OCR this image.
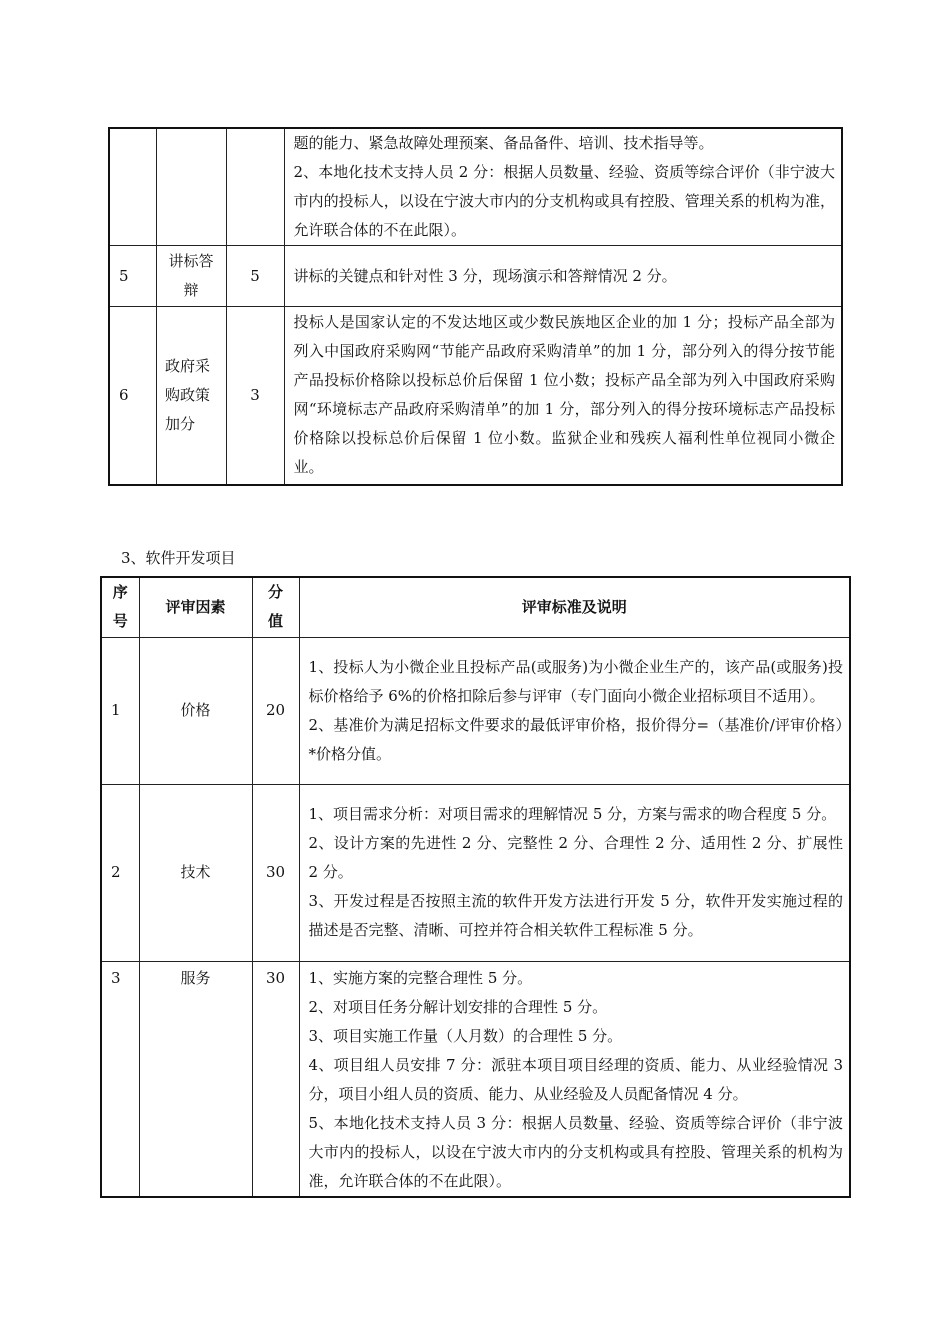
			题的能力、紧急故障处理预案、备品备件、培训、技术指导等。

2、本地化技术支持人员 2 分：根据人员数量、经验、资质等综合评价（非宁波大市内的投标人，以设在宁波大市内的分支机构或具有控股、管理关系的机构为准，允许联合体的不在此限）。

5	讲标答辩	5	讲标的关键点和针对性 3 分，现场演示和答辩情况 2 分。

6	政府采购政策加分	3	投标人是国家认定的不发达地区或少数民族地区企业的加 1 分；投标产品全部为列入中国政府采购网“节能产品政府采购清单”的加 1 分，部分列入的得分按节能产品投标价格除以投标总价后保留 1 位小数；投标产品全部为列入中国政府采购网“环境标志产品政府采购清单”的加 1 分，部分列入的得分按环境标志产品投标价格除以投标总价后保留 1 位小数。监狱企业和残疾人福利性单位视同小微企业。

3、软件开发项目

序号	评审因素	分值	评审标准及说明
1	价格	20	1、投标人为小微企业且投标产品(或服务)为小微企业生产的，该产品(或服务)投标价格给予 6%的价格扣除后参与评审（专门面向小微企业招标项目不适用）。

2、基准价为满足招标文件要求的最低评审价格，报价得分=（基准价/评审价格）*价格分值。

2	技术	30	1、项目需求分析：对项目需求的理解情况 5 分，方案与需求的吻合程度 5 分。

2、设计方案的先进性 2 分、完整性 2 分、合理性 2 分、适用性 2 分、扩展性 2 分。

3、开发过程是否按照主流的软件开发方法进行开发 5 分，软件开发实施过程的描述是否完整、清晰、可控并符合相关软件工程标准 5 分。

3	服务	30	1、实施方案的完整合理性 5 分。

2、对项目任务分解计划安排的合理性 5 分。

3、项目实施工作量（人月数）的合理性 5 分。

4、项目组人员安排 7 分：派驻本项目项目经理的资质、能力、从业经验情况 3 分，项目小组人员的资质、能力、从业经验及人员配备情况 4 分。

5、本地化技术支持人员 3 分：根据人员数量、经验、资质等综合评价（非宁波大市内的投标人，以设在宁波大市内的分支机构或具有控股、管理关系的机构为准，允许联合体的不在此限）。
